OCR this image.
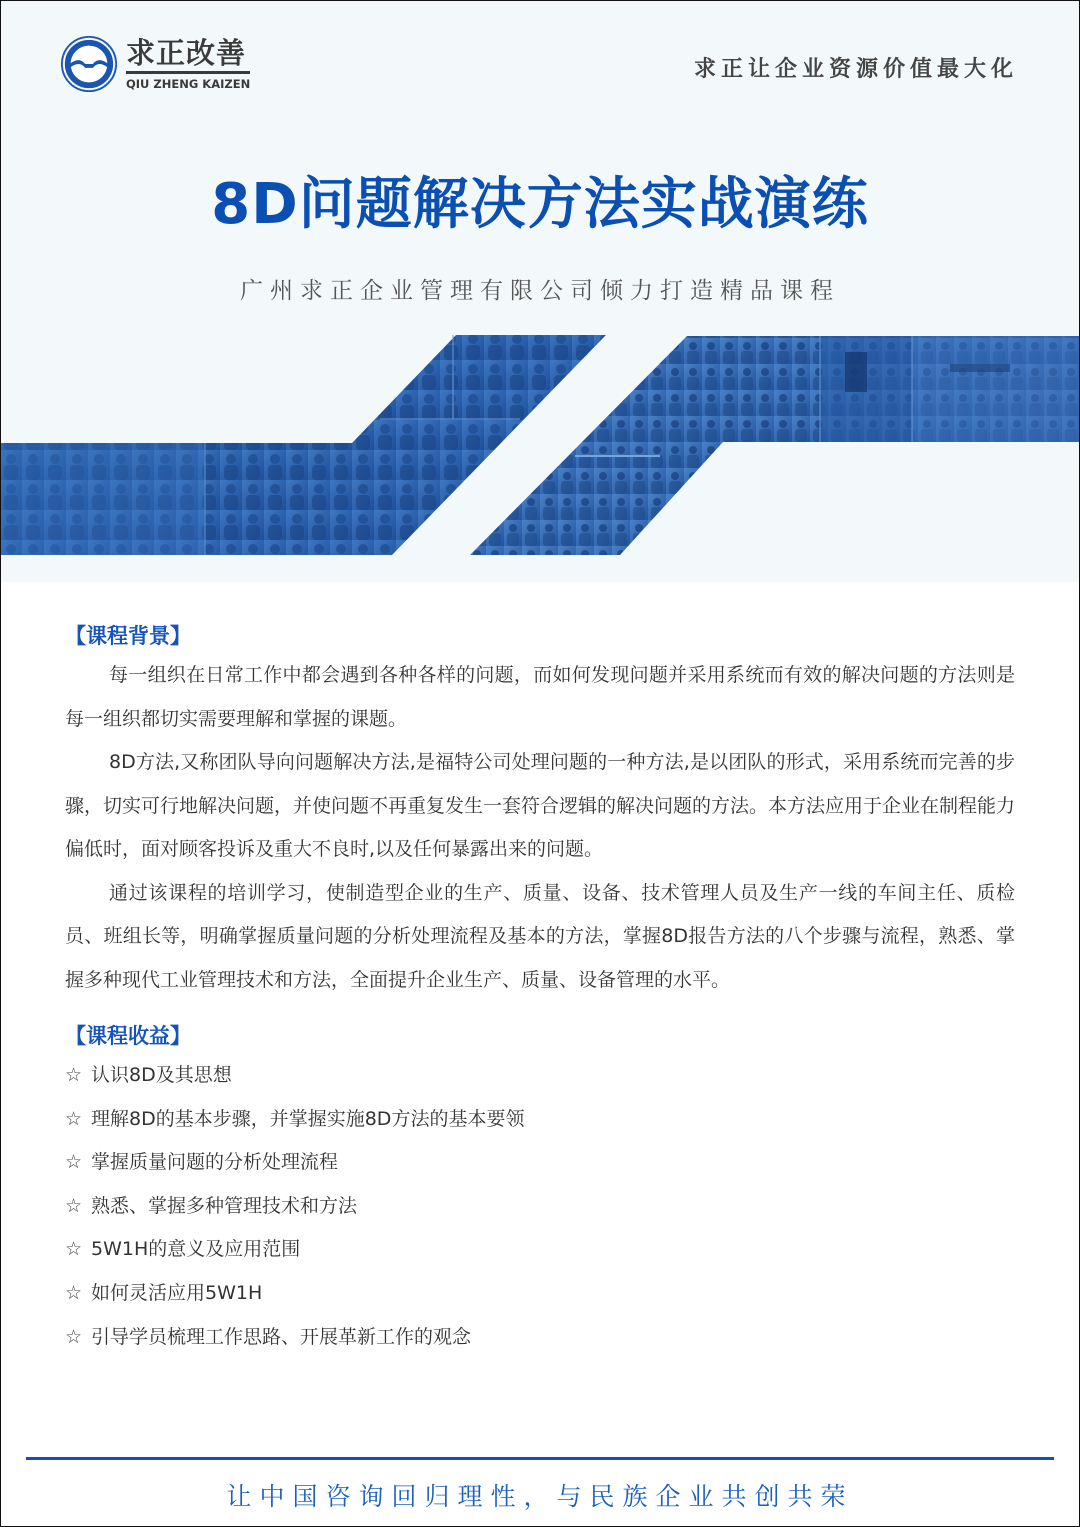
求正改善
QIU ZHENG KAIZEN
求正让企业资源价值最大化
8D问题解决方法实战演练
广州求正企业管理有限公司倾力打造精品课程
【课程背景】

每一组织在日常工作中都会遇到各种各样的问题，而如何发现问题并采用系统而有效的解决问题的方法则是每一组织都切实需要理解和掌握的课题。

8D方法,又称团队导向问题解决方法,是福特公司处理问题的一种方法,是以团队的形式，采用系统而完善的步骤，切实可行地解决问题，并使问题不再重复发生一套符合逻辑的解决问题的方法。本方法应用于企业在制程能力偏低时，面对顾客投诉及重大不良时,以及任何暴露出来的问题。

通过该课程的培训学习，使制造型企业的生产、质量、设备、技术管理人员及生产一线的车间主任、质检员、班组长等，明确掌握质量问题的分析处理流程及基本的方法，掌握8D报告方法的八个步骤与流程，熟悉、掌握多种现代工业管理技术和方法，全面提升企业生产、质量、设备管理的水平。

【课程收益】
☆ 认识8D及其思想
☆ 理解8D的基本步骤，并掌握实施8D方法的基本要领
☆ 掌握质量问题的分析处理流程
☆ 熟悉、掌握多种管理技术和方法
☆ 5W1H的意义及应用范围
☆ 如何灵活应用5W1H
☆ 引导学员梳理工作思路、开展革新工作的观念
让中国咨询回归理性，与民族企业共创共荣
